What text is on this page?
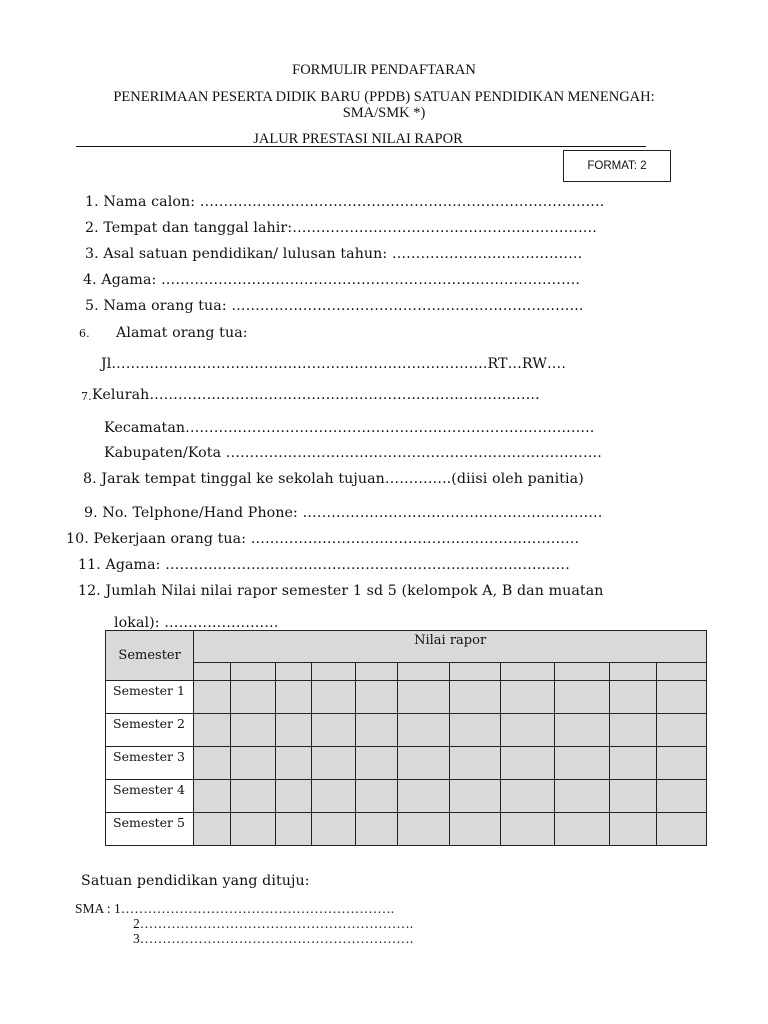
FORMULIR PENDAFTARAN
PENERIMAAN PESERTA DIDIK BARU (PPDB) SATUAN PENDIDIKAN MENENGAH:
SMA/SMK *)
JALUR PRESTASI NILAI RAPOR
FORMAT: 2
1. Nama calon: ………………………………………………………………………….
2. Tempat dan tanggal lahir:……………………………………………………….
3. Asal satuan pendidikan/ lulusan tahun: ………………………………….
4. Agama: …………………………………………………………………………….
5. Nama orang tua: ………………………………………………………………..
6. Alamat orang tua:
Jl…………………………………………………………………….RT…RW….
7. Kelurah……………………………………………………………………….
Kecamatan…………………………………………………………………………..
Kabupaten/Kota …………………………………………………………………….
8. Jarak tempat tinggal ke sekolah tujuan…………..(diisi oleh panitia)
9. No. Telphone/Hand Phone: ………………………………………………………
10. Pekerjaan orang tua: ……………………………………………………………
11. Agama: ………………………………………………………………………….
12. Jumlah Nilai nilai rapor semester 1 sd 5 (kelompok A, B dan muatan
lokal): ……………………
Semester	Nilai rapor										

Semester 1											
Semester 2											
Semester 3											
Semester 4											
Semester 5											
Satuan pendidikan yang dituju:
SMA : 1…………………………………………………….
2…………………………………………………….
3…………………………………………………….
